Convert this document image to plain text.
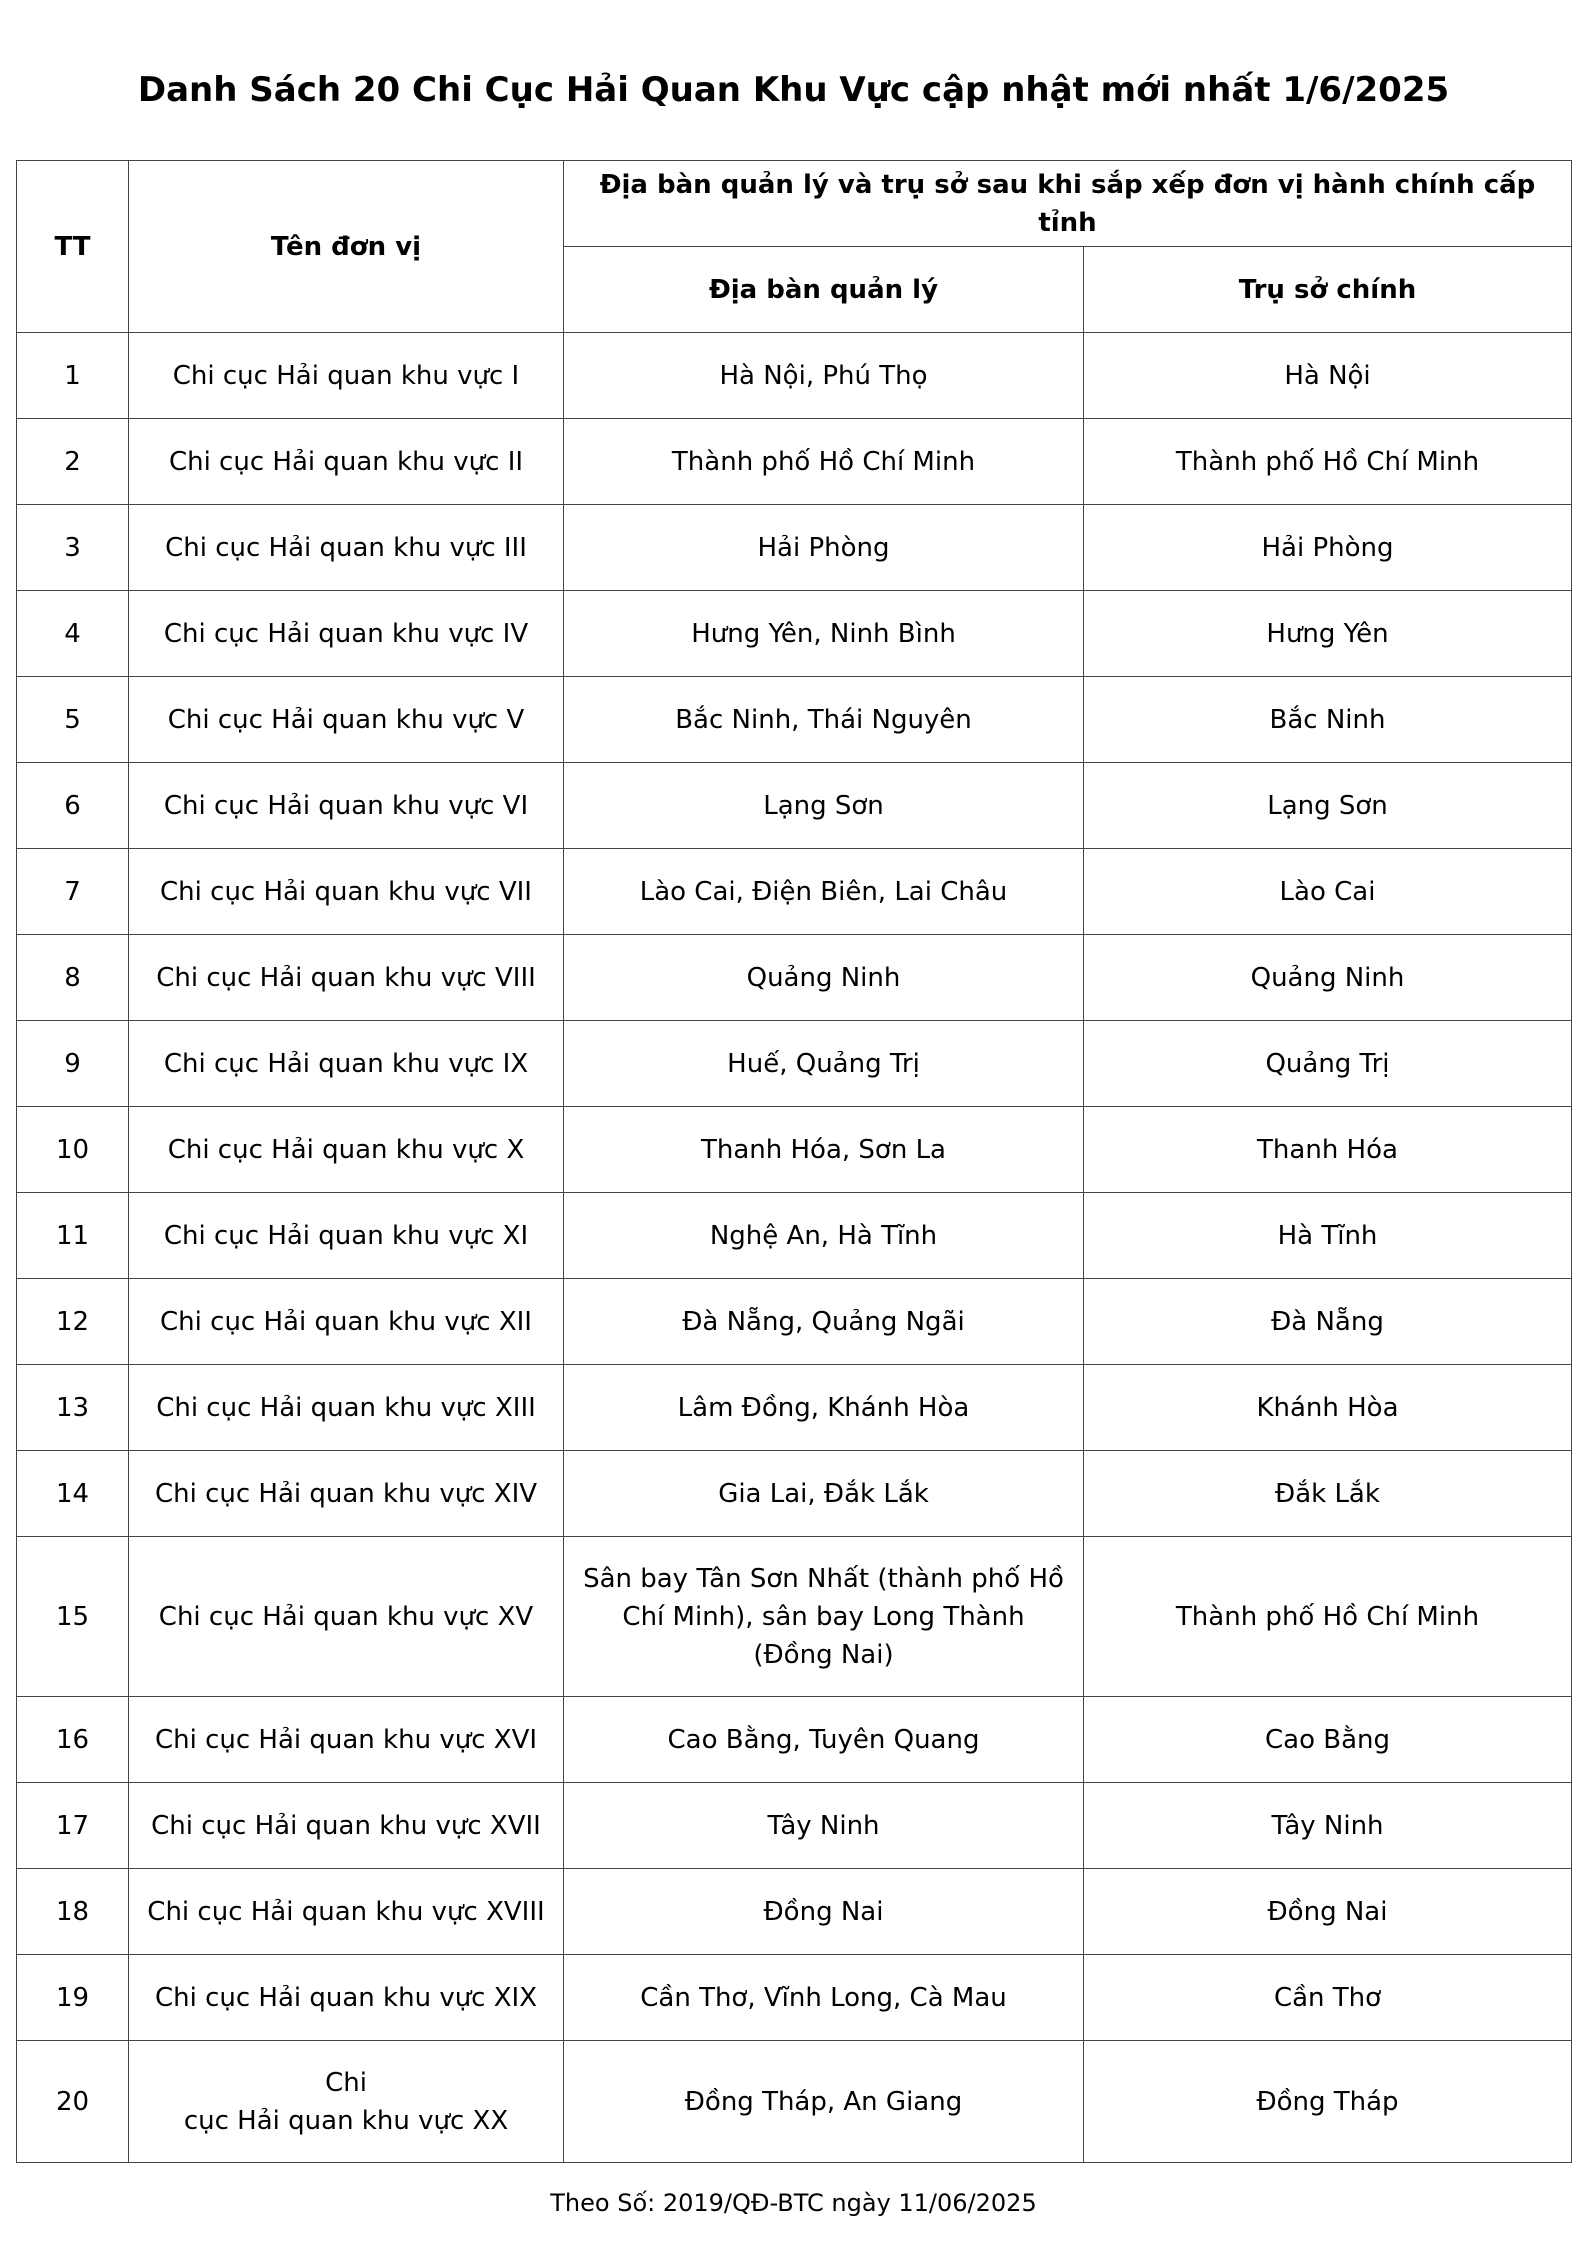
Danh Sách 20 Chi Cục Hải Quan Khu Vực cập nhật mới nhất 1/6/2025
TT	Tên đơn vị	Địa bàn quản lý và trụ sở sau khi sắp xếp đơn vị hành chính cấp tỉnh	
		Địa bàn quản lý	Trụ sở chính
1	Chi cục Hải quan khu vực I	Hà Nội, Phú Thọ	Hà Nội
2	Chi cục Hải quan khu vực II	Thành phố Hồ Chí Minh	Thành phố Hồ Chí Minh
3	Chi cục Hải quan khu vực III	Hải Phòng	Hải Phòng
4	Chi cục Hải quan khu vực IV	Hưng Yên, Ninh Bình	Hưng Yên
5	Chi cục Hải quan khu vực V	Bắc Ninh, Thái Nguyên	Bắc Ninh
6	Chi cục Hải quan khu vực VI	Lạng Sơn	Lạng Sơn
7	Chi cục Hải quan khu vực VII	Lào Cai, Điện Biên, Lai Châu	Lào Cai
8	Chi cục Hải quan khu vực VIII	Quảng Ninh	Quảng Ninh
9	Chi cục Hải quan khu vực IX	Huế, Quảng Trị	Quảng Trị
10	Chi cục Hải quan khu vực X	Thanh Hóa, Sơn La	Thanh Hóa
11	Chi cục Hải quan khu vực XI	Nghệ An, Hà Tĩnh	Hà Tĩnh
12	Chi cục Hải quan khu vực XII	Đà Nẵng, Quảng Ngãi	Đà Nẵng
13	Chi cục Hải quan khu vực XIII	Lâm Đồng, Khánh Hòa	Khánh Hòa
14	Chi cục Hải quan khu vực XIV	Gia Lai, Đắk Lắk	Đắk Lắk
15	Chi cục Hải quan khu vực XV	Sân bay Tân Sơn Nhất (thành phố Hồ
Chí Minh), sân bay Long Thành
(Đồng Nai)	Thành phố Hồ Chí Minh
16	Chi cục Hải quan khu vực XVI	Cao Bằng, Tuyên Quang	Cao Bằng
17	Chi cục Hải quan khu vực XVII	Tây Ninh	Tây Ninh
18	Chi cục Hải quan khu vực XVIII	Đồng Nai	Đồng Nai
19	Chi cục Hải quan khu vực XIX	Cần Thơ, Vĩnh Long, Cà Mau	Cần Thơ
20	Chi
cục Hải quan khu vực XX	Đồng Tháp, An Giang	Đồng Tháp
Theo Số: 2019/QĐ-BTC ngày 11/06/2025
